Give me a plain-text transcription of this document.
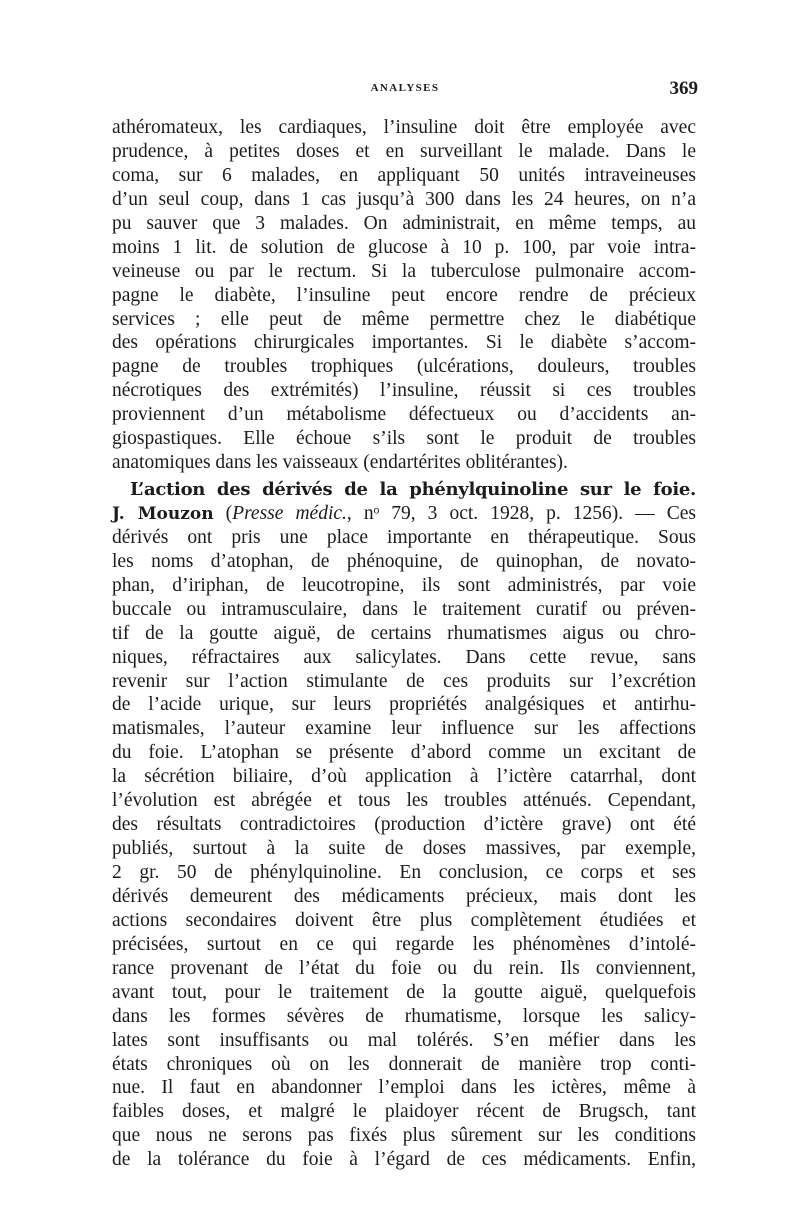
ANALYSES	369
athéromateux, les cardiaques, l’insuline doit être employée avec
prudence, à petites doses et en surveillant le malade. Dans le
coma, sur 6 malades, en appliquant 50 unités intraveineuses
d’un seul coup, dans 1 cas jusqu’à 300 dans les 24 heures, on n’a
pu sauver que 3 malades. On administrait, en même temps, au
moins 1 lit. de solution de glucose à 10 p. 100, par voie intra-
veineuse ou par le rectum. Si la tuberculose pulmonaire accom-
pagne le diabète, l’insuline peut encore rendre de précieux
services ; elle peut de même permettre chez le diabétique
des opérations chirurgicales importantes. Si le diabète s’accom-
pagne de troubles trophiques (ulcérations, douleurs, troubles
nécrotiques des extrémités) l’insuline, réussit si ces troubles
proviennent d’un métabolisme défectueux ou d’accidents an-
giospastiques. Elle échoue s’ils sont le produit de troubles
anatomiques dans les vaisseaux (endartérites oblitérantes).
L’action des dérivés de la phénylquinoline sur le foie.
J. Mouzon (Presse médic., nᵒ 79, 3 oct. 1928, p. 1256). — Ces
dérivés ont pris une place importante en thérapeutique. Sous
les noms d’atophan, de phénoquine, de quinophan, de novato-
phan, d’iriphan, de leucotropine, ils sont administrés, par voie
buccale ou intramusculaire, dans le traitement curatif ou préven-
tif de la goutte aiguë, de certains rhumatismes aigus ou chro-
niques, réfractaires aux salicylates. Dans cette revue, sans
revenir sur l’action stimulante de ces produits sur l’excrétion
de l’acide urique, sur leurs propriétés analgésiques et antirhu-
matismales, l’auteur examine leur influence sur les affections
du foie. L’atophan se présente d’abord comme un excitant de
la sécrétion biliaire, d’où application à l’ictère catarrhal, dont
l’évolution est abrégée et tous les troubles atténués. Cependant,
des résultats contradictoires (production d’ictère grave) ont été
publiés, surtout à la suite de doses massives, par exemple,
2 gr. 50 de phénylquinoline. En conclusion, ce corps et ses
dérivés demeurent des médicaments précieux, mais dont les
actions secondaires doivent être plus complètement étudiées et
précisées, surtout en ce qui regarde les phénomènes d’intolé-
rance provenant de l’état du foie ou du rein. Ils conviennent,
avant tout, pour le traitement de la goutte aiguë, quelquefois
dans les formes sévères de rhumatisme, lorsque les salicy-
lates sont insuffisants ou mal tolérés. S’en méfier dans les
états chroniques où on les donnerait de manière trop conti-
nue. Il faut en abandonner l’emploi dans les ictères, même à
faibles doses, et malgré le plaidoyer récent de Brugsch, tant
que nous ne serons pas fixés plus sûrement sur les conditions
de la tolérance du foie à l’égard de ces médicaments. Enfin,
